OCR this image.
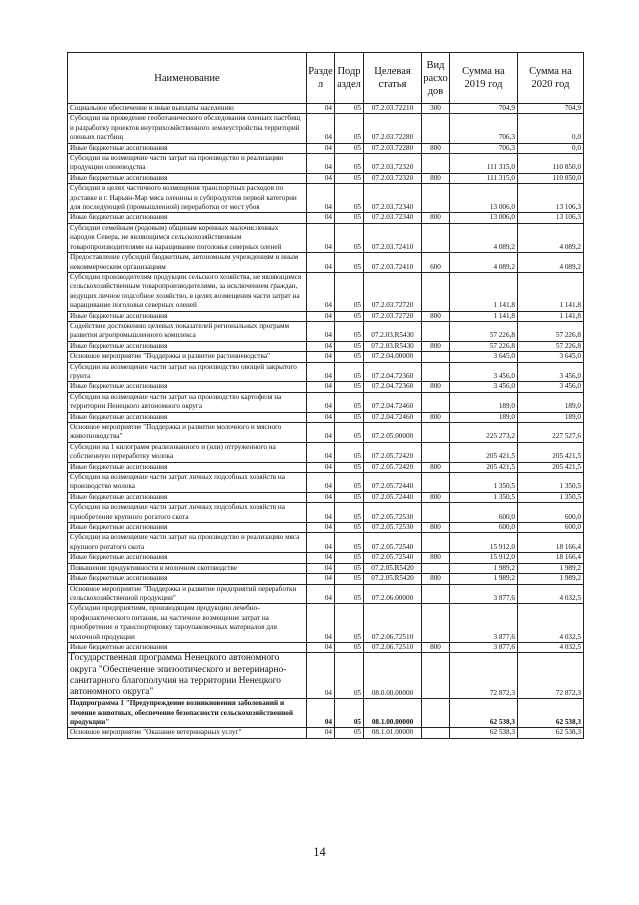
Наименование	Разде л	Подр аздел	Целевая статья	Вид расхо дов	Сумма на 2019 год	Сумма на 2020 год
Социальное обеспечение и иные выплаты населению	04	05	07.2.03.72210	300	704,9	704,9
Субсидии на проведение геоботанического обследования оленьих пастбищ и разработку проектов внутрихозяйственного землеустройства территорий оленьих пастбищ	04	05	07.2.03.72280		706,3	0,0
Иные бюджетные ассигнования	04	05	07.2.03.72280	800	706,3	0,0
Субсидии на возмещение части затрат на производство и реализацию продукции оленеводства	04	05	07.2.03.72320		111 315,0	110 850,0
Иные бюджетные ассигнования	04	05	07.2.03.72320	800	111 315,0	110 850,0
Субсидии в целях частичного возмещения транспортных расходов по доставке в г. Нарьян-Мар мяса оленины и субпродуктов первой категории для последующей (промышленной) переработки от мест убоя	04	05	07.2.03.72340		13 006,0	13 106,3
Иные бюджетные ассигнования	04	05	07.2.03.72340	800	13 006,0	13 106,3
Субсидии семейным (родовым) общинам коренных малочисленных народов Севера, не являющимся сельскохозяйственным товаропроизводителями на наращивание поголовья северных оленей	04	05	07.2.03.72410		4 089,2	4 089,2
Предоставление субсидий бюджетным, автономным учреждениям и иным некоммерческим организациям	04	05	07.2.03.72410	600	4 089,2	4 089,2
Субсидии производителям продукции сельского хозяйства, не являющимся сельскохозяйственным товаропроизводителями, за исключением граждан, ведущих личное подсобное хозяйство, в целях возмещения части затрат на наращивание поголовья северных оленей	04	05	07.2.03.72720		1 141,8	1 141,8
Иные бюджетные ассигнования	04	05	07.2.03.72720	800	1 141,8	1 141,8
Содействие достижению целевых показателей региональных программ развития агропромышленного комплекса	04	05	07.2.03.R5430		57 226,8	57 226,8
Иные бюджетные ассигнования	04	05	07.2.03.R5430	800	57 226,8	57 226,8
Основное мероприятие "Поддержка и развитие растениеводства"	04	05	07.2.04.00000		3 645,0	3 645,0
Субсидии на возмещение части затрат на производство овощей закрытого грунта	04	05	07.2.04.72360		3 456,0	3 456,0
Иные бюджетные ассигнования	04	05	07.2.04.72360	800	3 456,0	3 456,0
Субсидии на возмещение части затрат на производство картофеля на территории Ненецкого автономного округа	04	05	07.2.04.72460		189,0	189,0
Иные бюджетные ассигнования	04	05	07.2.04.72460	800	189,0	189,0
Основное мероприятие "Поддержка и развитие молочного и мясного животноводства"	04	05	07.2.05.00000		225 273,2	227 527,6
Субсидии на 1 килограмм реализованного и (или) отгруженного на собственную переработку молока	04	05	07.2.05.72420		205 421,5	205 421,5
Иные бюджетные ассигнования	04	05	07.2.05.72420	800	205 421,5	205 421,5
Субсидии на возмещение части затрат личных подсобных хозяйств на производство молока	04	05	07.2.05.72440		1 350,5	1 350,5
Иные бюджетные ассигнования	04	05	07.2.05.72440	800	1 350,5	1 350,5
Субсидии на возмещение части затрат личных подсобных хозяйств на приобретение крупного рогатого скота	04	05	07.2.05.72530		600,0	600,0
Иные бюджетные ассигнования	04	05	07.2.05.72530	800	600,0	600,0
Субсидии на возмещение части затрат на производство и реализацию мяса крупного рогатого скота	04	05	07.2.05.72540		15 912,0	18 166,4
Иные бюджетные ассигнования	04	05	07.2.05.72540	800	15 912,0	18 166,4
Повышение продуктивности в молочном скотоводстве	04	05	07.2.05.R5420		1 989,2	1 989,2
Иные бюджетные ассигнования	04	05	07.2.05.R5420	800	1 989,2	1 989,2
Основное мероприятие "Поддержка и развитие предприятий переработки сельскохозяйственной продукции"	04	05	07.2.06.00000		3 877,6	4 032,5
Субсидии предприятиям, производящим продукцию лечебно-профилактического питания, на частичное возмещение затрат на приобретение и транспортировку тароупаковочных материалов для молочной продукции	04	05	07.2.06.72510		3 877,6	4 032,5
Иные бюджетные ассигнования	04	05	07.2.06.72510	800	3 877,6	4 032,5
Государственная программа Ненецкого автономного округа "Обеспечение эпизоотического и ветеринарно-санитарного благополучия на территории Ненецкого автономного округа"	04	05	08.0.00.00000		72 872,3	72 872,3
Подпрограмма 1 "Предупреждение возникновения заболеваний и лечение животных, обеспечение безопасности сельскохозяйственной продукции"	04	05	08.1.00.00000		62 538,3	62 538,3
Основное мероприятие "Оказание ветеринарных услуг"	04	05	08.1.01.00000		62 538,3	62 538,3
14
